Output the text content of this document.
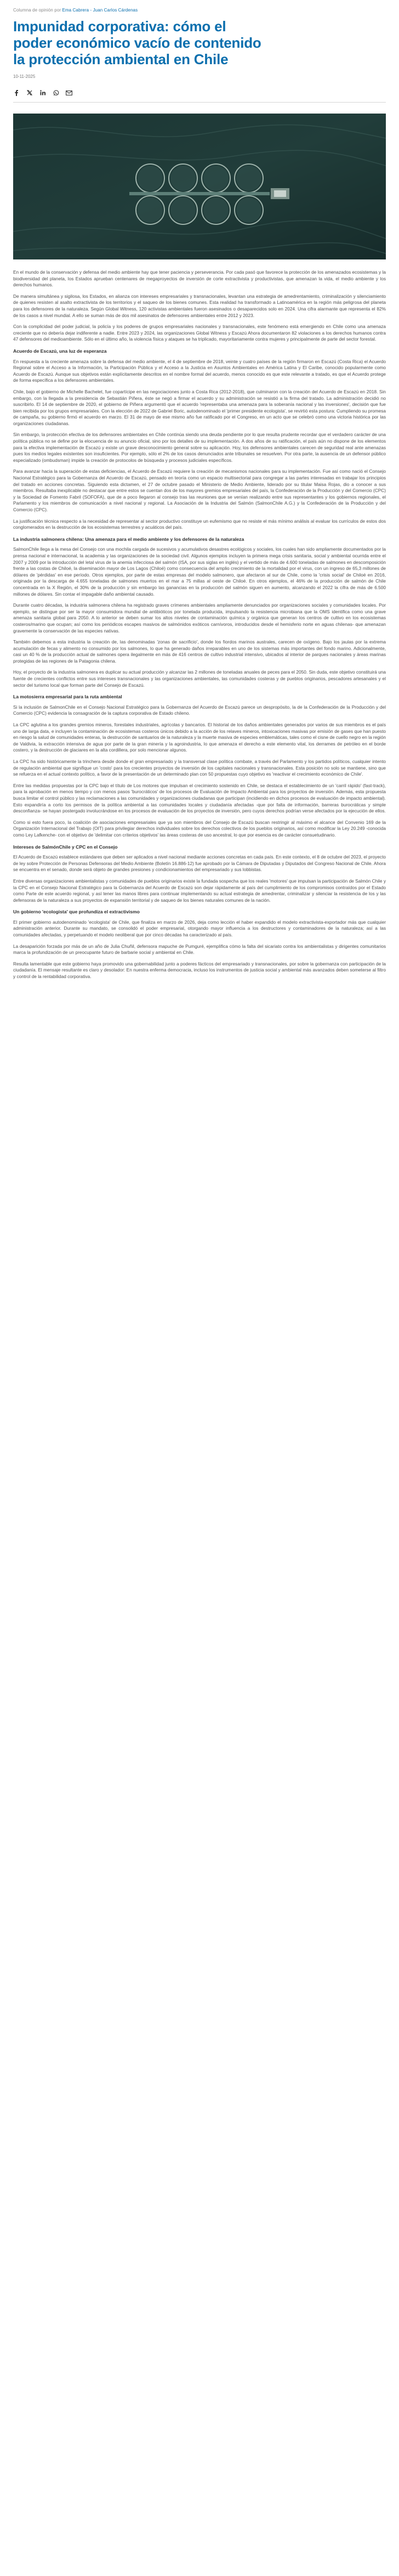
Columna de opinión por Ema Cabrera - Juan Carlos Cárdenas
Impunidad corporativa: cómo el poder económico vacío de contenido la protección ambiental en Chile
10-11-2025

En el mundo de la conservación y defensa del medio ambiente hay que tener paciencia y perseverancia. Por cada pasó que favorece la protección de los amenazados ecosistemas y la biodiversidad del planeta, los Estados aprueban centenares de megaproyectos de inversión de corte extractivista y productivistas, que amenazan la vida, el medio ambiente y los derechos humanos.

De manera simultánea y sigilosa, los Estados, en alianza con intereses empresariales y transnacionales, levantan una estrategia de amedrentamiento, criminalización y silenciamiento de quienes resisten al asalto extractivista de los territorios y el saqueo de los bienes comunes. Esta realidad ha transformado a Latinoamérica en la región más peligrosa del planeta para los defensores de la naturaleza. Según Global Witness, 120 activistas ambientales fueron asesinados o desaparecidos solo en 2024. Una cifra alarmante que representa el 82% de los casos a nivel mundial. A ello se suman más de dos mil asesinatos de defensores ambientales entre 2012 y 2023.

Con la complicidad del poder judicial, la policía y los poderes de grupos empresariales nacionales y transnacionales, este fenómeno está emergiendo en Chile como una amenaza creciente que no debería dejar indiferente a nadie. Entre 2023 y 2024, las organizaciones Global Witness y Escazú Ahora documentaron 82 violaciones a los derechos humanos contra 47 defensores del medioambiente. Sólo en el último año, la violencia física y ataques se ha triplicado, mayoritariamente contra mujeres y principalmente de parte del sector forestal.

Acuerdo de Escazú, una luz de esperanza

En respuesta a la creciente amenaza sobre la defensa del medio ambiente, el 4 de septiembre de 2018, veinte y cuatro países de la región firmaron en Escazú (Costa Rica) el Acuerdo Regional sobre el Acceso a la Información, la Participación Pública y el Acceso a la Justicia en Asuntos Ambientales en América Latina y El Caribe, conocido popularmente como Acuerdo de Escazú. Aunque sus objetivos están explícitamente descritos en el nombre formal del acuerdo, menos conocido es que este relevante a tratado, es que el Acuerdo protege de forma específica a los defensores ambientales.

Chile, bajo el gobierno de Michelle Bachelet, fue copartícipe en las negociaciones junto a Costa Rica (2012-2018), que culminaron con la creación del Acuerdo de Escazú en 2018. Sin embargo, con la llegada a la presidencia de Sebastián Piñera, éste se negó a firmar el acuerdo y su administración se resistió a la firma del tratado. La administración decidió no suscribirlo. El 14 de septiembre de 2020, el gobierno de Piñera argumentó que el acuerdo 'representaba una amenaza para la soberanía nacional y las inversiones', decisión que fue bien recibida por los grupos empresariales. Con la elección de 2022 de Gabriel Boric, autodenominado el 'primer presidente ecologista', se revirtió esta postura: Cumpliendo su promesa de campaña, su gobierno firmó el acuerdo en marzo. El 31 de mayo de ese mismo año fue ratificado por el Congreso, en un acto que se celebró como una victoria histórica por las organizaciones ciudadanas.

Sin embargo, la protección efectiva de los defensores ambientales en Chile continúa siendo una deuda pendiente por lo que resulta prudente recordar que el verdadero carácter de una política pública no se define por la elocuencia de su anuncio oficial, sino por los detalles de su implementación. A dos años de su ratificación, el país aún no dispone de los elementos para la efectiva implementación de Escazú y existe un grave desconocimiento general sobre su aplicación. Hoy, los defensores ambientales carecen de seguridad real ante amenazas pues los medios legales existentes son insuficientes. Por ejemplo, sólo el 2% de los casos denunciados ante tribunales se resuelven. Por otra parte, la ausencia de un defensor público especializado (ombudsman) impide la creación de protocolos de búsqueda y procesos judiciales específicos.

Para avanzar hacia la superación de estas deficiencias, el Acuerdo de Escazú requiere la creación de mecanismos nacionales para su implementación. Fue así como nació el Consejo Nacional Estratégico para la Gobernanza del Acuerdo de Escazú, pensado en teoría como un espacio multisectorial para congregar a las partes interesadas en trabajar los principios del tratado en acciones concretas. Siguiendo esta dictamen, el 27 de octubre pasado el Ministerio de Medio Ambiente, liderado por su titular Maisa Rojas, dio a conocer a sus miembros. Resultaba inexplicable no destacar que entre estos se cuentan dos de los mayores gremios empresariales del país, la Confederación de la Producción y del Comercio (CPC) y la Sociedad de Fomento Fabril (SOFOFA), que de a poco llegaron al consejo tras las reuniones que se venían realizando entre sus representantes y los gobiernos regionales, el Parlamento y los miembros de comunicación a nivel nacional y regional. La Asociación de la Industria del Salmón (SalmonChile A.G.) y la Confederación de la Producción y del Comercio (CPC).

La justificación técnica respecto a la necesidad de representar al sector productivo constituye un eufemismo que no resiste el más mínimo análisis al evaluar los currículos de estos dos conglomerados en la destrucción de los ecosistemas terrestres y acuáticos del país.

La industria salmonera chilena: Una amenaza para el medio ambiente y los defensores de la naturaleza

SalmonChile llega a la mesa del Consejo con una mochila cargada de sucesivos y acumulativos desastres ecológicos y sociales, los cuales han sido ampliamente documentados por la prensa nacional e internacional, la academia y las organizaciones de la sociedad civil. Algunos ejemplos incluyen la primera mega crisis sanitaria, social y ambiental ocurrida entre el 2007 y 2009 por la introducción del letal virus de la anemia infecciosa del salmón (ISA, por sus siglas en inglés) y el vertido de más de 4.600 toneladas de salmones en descomposición frente a las costas de Chiloé, la diseminación mayor de Los Lagos (Chiloé) como consecuencia del amplio crecimiento de la mortalidad por el virus, con un ingreso de 65,3 millones de dólares de 'pérdidas' en ese período. Otros ejemplos, por parte de estas empresas del modelo salmonero, que afectaron al sur de Chile, como la 'crisis social' de Chiloé en 2016, originada por la descarga de 4.655 toneladas de salmones muertos en el mar a 75 millas al oeste de Chiloé. En otros ejemplos, el 46% de la producción de salmón de Chile concentrada en la X Región, el 30% de la producción y sin embargo las ganancias en la producción del salmón siguen en aumento, alcanzando el 2022 la cifra de más de 6.500 millones de dólares. Sin contar el impagable daño ambiental causado.

Durante cuatro décadas, la industria salmonera chilena ha registrado graves crímenes ambientales ampliamente denunciados por organizaciones sociales y comunidades locales. Por ejemplo, se distingue por ser la mayor consumidora mundial de antibióticos por tonelada producida, impulsando la resistencia microbiana que la OMS identifica como una grave amenaza sanitaria global para 2050. A lo anterior se deben sumar los altos niveles de contaminación química y orgánica que generan los centros de cultivo en los ecosistemas costeros/marino que ocupan; así como los periódicos escapes masivos de salmónidos exóticos carnívoros, introducidos desde el hemisferio norte en aguas chilenas- que amenazan gravemente la conservación de las especies nativas.

También debemos a esta industria la creación de, las denominadas 'zonas de sacrificio', donde los fiordos marinos australes, carecen de oxígeno. Bajo los jaulas por la extrema acumulación de fecas y alimento no consumido por los salmones, lo que ha generado daños irreparables en uno de los sistemas más importantes del fondo marino. Adicionalmente, casi un 40 % de la producción actual de salmones opera ilegalmente en más de 416 centros de cultivo industrial intensivo, ubicados al interior de parques nacionales y áreas marinas protegidas de las regiones de la Patagonia chilena.

Hoy, el proyecto de la industria salmonera es duplicar su actual producción y alcanzar las 2 millones de toneladas anuales de peces para el 2050. Sin duda, este objetivo constituirá una fuente de crecientes conflictos entre sus intereses transnacionales y las organizaciones ambientales, las comunidades costeras y de pueblos originarios, pescadores artesanales y el sector del turismo local que forman parte del Consejo de Escazú.

La motosierra empresarial para la ruta ambiental

Si la inclusión de SalmonChile en el Consejo Nacional Estratégico para la Gobernanza del Acuerdo de Escazú parece un despropósito, la de la Confederación de la Producción y del Comercio (CPC) evidencia la consagración de la captura corporativa de Estado chileno.

La CPC aglutina a los grandes gremios mineros, forestales industriales, agrícolas y bancarios. El historial de los daños ambientales generados por varios de sus miembros es el país uno de larga data, e incluyen la contaminación de ecosistemas costeros únicos debido a la acción de los relaves mineros, intoxicaciones masivas por emisión de gases que han puesto en riesgo la salud de comunidades enteras, la destrucción de santuarios de la naturaleza y la muerte masiva de especies emblemáticas, tales como el cisne de cuello negro en la región de Valdivia, la extracción intensiva de agua por parte de la gran minería y la agroindustria, lo que amenaza el derecho a este elemento vital, los derrames de petróleo en el borde costero, y la destrucción de glaciares en la alta cordillera, por solo mencionar algunos.

La CPC ha sido históricamente la trinchera desde donde el gran empresariado y la transversal clase política combate, a través del Parlamento y los partidos políticos, cualquier intento de regulación ambiental que signifique un 'costo' para los crecientes proyectos de inversión de los capitales nacionales y transnacionales. Esta posición no solo se mantiene, sino que se refuerza en el actual contexto político, a favor de la presentación de un determinado plan con 50 propuestas cuyo objetivo es 'reactivar el crecimiento económico de Chile'.

Entre las medidas propuestas por la CPC bajo el título de Los motores que impulsan el crecimiento sostenido en Chile, se destaca el establecimiento de un 'carril rápido' (fast-track), para la aprobación en menos tiempo y con menos pasos 'burocráticos' de los procesos de Evaluación de Impacto Ambiental para los proyectos de inversión. Además, esta propuesta busca limitar el control público y las reclamaciones a las comunidades y organizaciones ciudadanas que participan (incidiendo en dichos procesos de evaluación de impacto ambiental). Esto expandiría a corto los permisos de la política ambiental a las comunidades locales y ciudadanía afectadas -que por falta de información, barreras burocráticas y simple desconfianza- se hayan postergado involucrándose en los procesos de evaluación de los proyectos de inversión, pero cuyos derechos podrían verse afectados por la ejecución de ellos.

Como si esto fuera poco, la coalición de asociaciones empresariales que ya son miembros del Consejo de Escazú buscan restringir al máximo el alcance del Convenio 169 de la Organización Internacional del Trabajo (OIT) para privilegiar derechos individuales sobre los derechos colectivos de los pueblos originarios, así como modificar la Ley 20.249 -conocida como Ley Lafkenche- con el objetivo de 'delimitar con criterios objetivos' las áreas costeras de uso ancestral, lo que por esencia es de carácter consuetudinario.

Intereses de SalmónChile y CPC en el Consejo

El Acuerdo de Escazú establece estándares que deben ser aplicados a nivel nacional mediante acciones concretas en cada país. En este contexto, el 8 de octubre del 2023, el proyecto de ley sobre Protección de Personas Defensoras del Medio Ambiente (Boletín 16.886-12) fue aprobado por la Cámara de Diputadas y Diputados del Congreso Nacional de Chile. Ahora se encuentra en el senado, donde será objeto de grandes presiones y condicionamientos del empresariado y sus lobbistas.

Entre diversas organizaciones ambientalistas y comunidades de pueblos originarios existe la fundada sospecha que los reales 'motores' que impulsan la participación de Salmón Chile y la CPC en el Consejo Nacional Estratégico para la Gobernanza del Acuerdo de Escazú son dejar rápidamente al país del cumplimiento de los compromisos contraídos por el Estado como Parte de este acuerdo regional, y así tener las manos libres para continuar implementando su actual estrategia de amedrentar, criminalizar y silenciar la resistencia de los y las defensoras de la naturaleza a sus proyectos de expansión territorial y de saqueo de los bienes naturales comunes de la nación.

Un gobierno 'ecologista' que profundiza el extractivismo

El primer gobierno autodenominado 'ecologista' de Chile, que finaliza en marzo de 2026, deja como lección el haber expandido el modelo extractivista-exportador más que cualquier administración anterior. Durante su mandato, se consolidó el poder empresarial, otorgando mayor influencia a los destructores y contaminadores de la naturaleza; así a las comunidades afectadas, y perpetuando el modelo neoliberal que por cinco décadas ha caracterizado al país.

La desaparición forzada por más de un año de Julia Chuñil, defensora mapuche de Pumguré, ejemplifica cómo la falta del sicariato contra los ambientalistas y dirigentes comunitarios marca la profundización de un preocupante futuro de barbarie social y ambiental en Chile.

Resulta lamentable que este gobierno haya promovido una gobernabilidad junto a poderes fácticos del empresariado y transnacionales, por sobre la gobernanza con participación de la ciudadanía. El mensaje resultante es claro y desolador: En nuestra enferma democracia, incluso los instrumentos de justicia social y ambiental más avanzados deben someterse al filtro y control de la rentabilidad corporativa.
